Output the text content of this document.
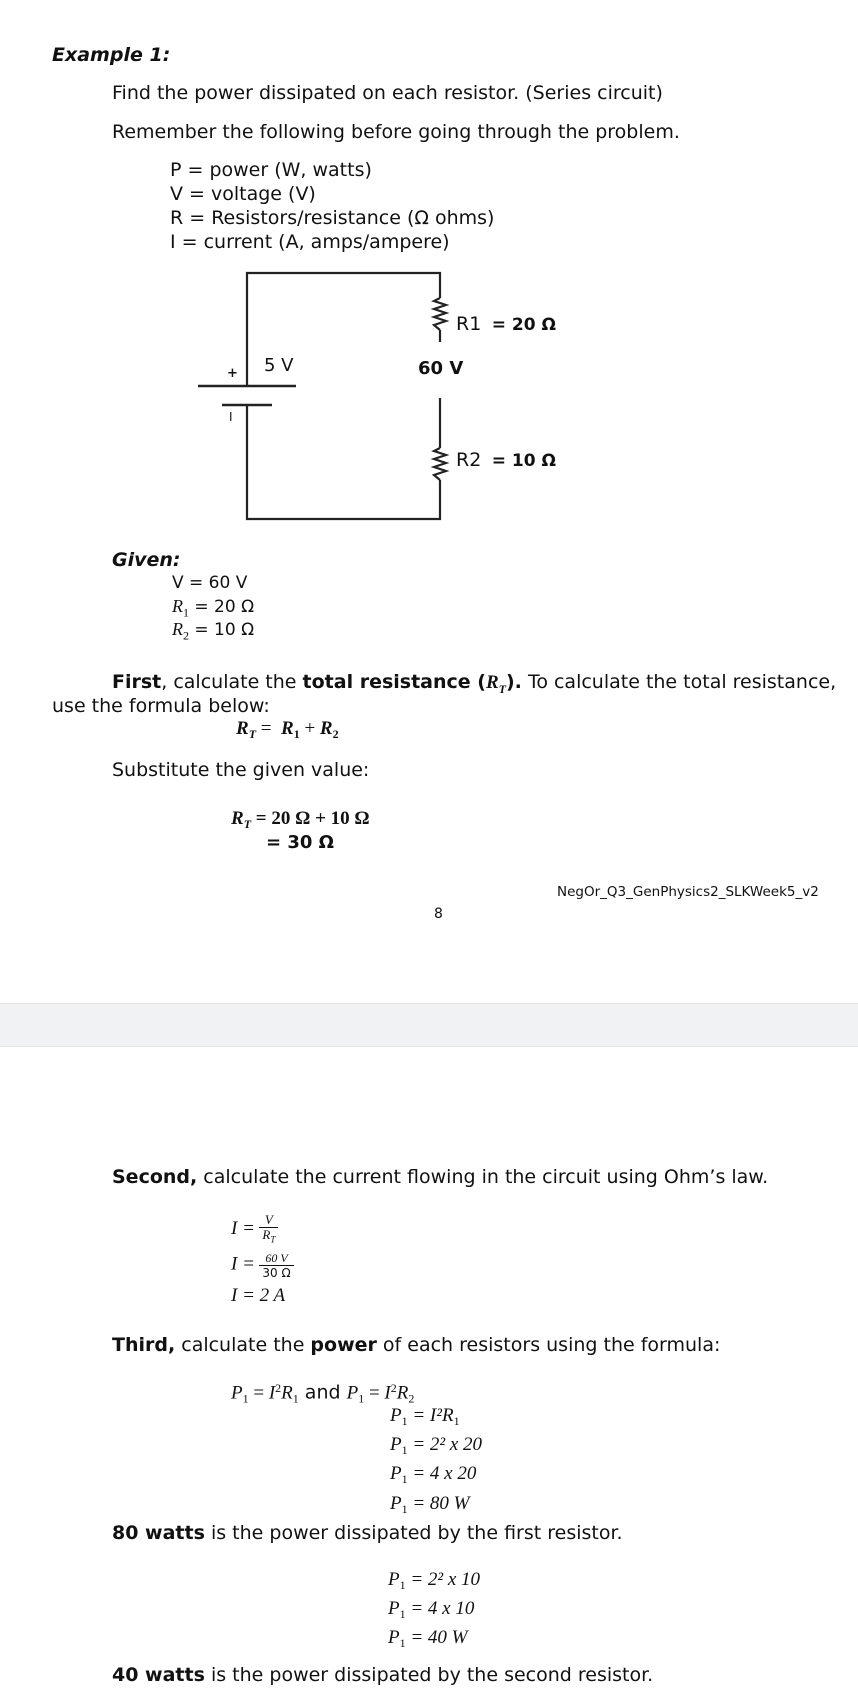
Example 1:
Find the power dissipated on each resistor. (Series circuit)
Remember the following before going through the problem.
P = power (W, watts)
V = voltage (V)
R = Resistors/resistance (Ω ohms)
I = current (A, amps/ampere)
+
I
5 V	60 V
R1 = 20 Ω
R2 = 10 Ω
Given:
V = 60 V
$R_1 = 20$ Ω
$R_2 = 10$ Ω
First, calculate the total resistance $(R_T)$. To calculate the total resistance,
use the formula below:
$R_T = R_1 + R_2$
Substitute the given value:
$R_T = 20$ Ω + 10 Ω
= 30 Ω
NegOr_Q3_GenPhysics2_SLKWeek5_v2
8
Second, calculate the current flowing in the circuit using Ohm’s law.
$I = \frac{V}{R_T}$
$I = \frac{60 V}{30 \Omega}$
I = 2 A
Third, calculate the power of each resistors using the formula:
$P_1 = I^2R_1$ and $P_1 = I^2R_2$
$P_1 = I^2R_1$
$P_1 = 2^2$ x 20
$P_1 = 4$ x 20
$P_1 = 80$ W
80 watts is the power dissipated by the first resistor.
$P_1 = 2^2$ x 10
$P_1 = 4$ x 10
$P_1 = 40$ W
40 watts is the power dissipated by the second resistor.
